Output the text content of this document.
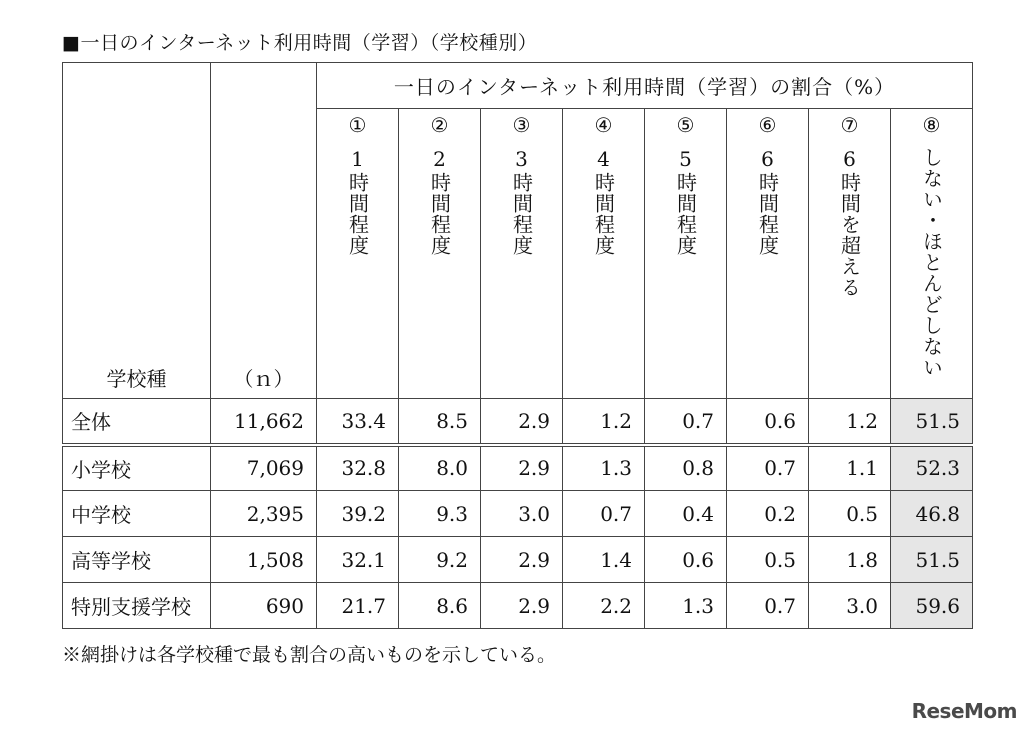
■一日のインターネット利用時間（学習）（学校種別）
学校種	（ｎ）	一日のインターネット利用時間（学習）の割合（%）							
		①	②	③	④	⑤	⑥	⑦	⑧
		1時間程度	2時間程度	3時間程度	4時間程度	5時間程度	6時間程度	6時間を超える	しない・ほとんどしない
全体	11,662	33.4	8.5	2.9	1.2	0.7	0.6	1.2	51.5
小学校	7,069	32.8	8.0	2.9	1.3	0.8	0.7	1.1	52.3
中学校	2,395	39.2	9.3	3.0	0.7	0.4	0.2	0.5	46.8
高等学校	1,508	32.1	9.2	2.9	1.4	0.6	0.5	1.8	51.5
特別支援学校	690	21.7	8.6	2.9	2.2	1.3	0.7	3.0	59.6
※網掛けは各学校種で最も割合の高いものを示している。
ReseMom
